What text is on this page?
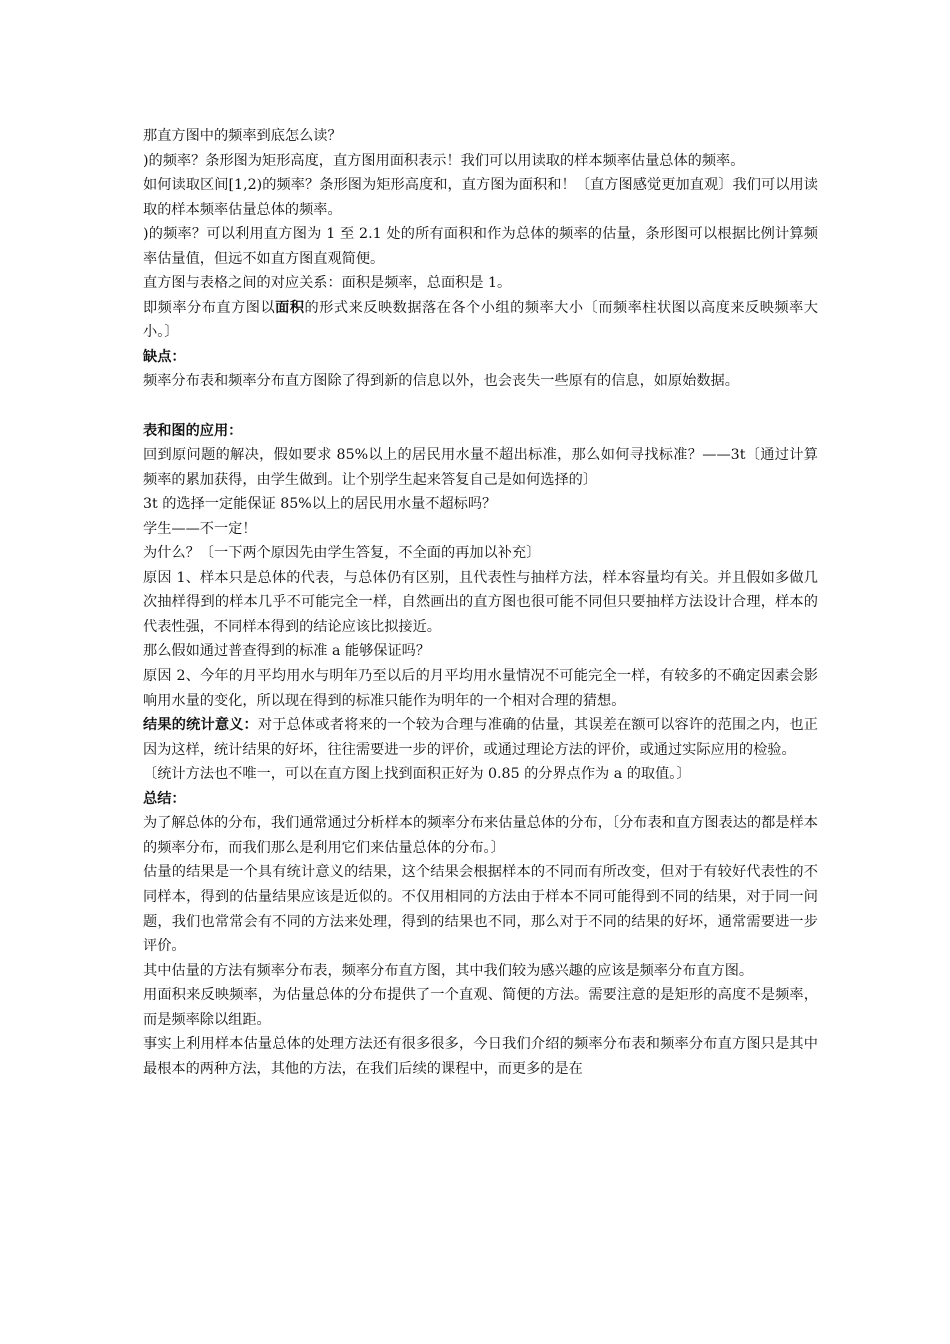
那直方图中的频率到底怎么读？

)的频率？条形图为矩形高度，直方图用面积表示！我们可以用读取的样本频率估量总体的频率。

如何读取区间[1,2)的频率？条形图为矩形高度和，直方图为面积和！〔直方图感觉更加直观〕我们可以用读取的样本频率估量总体的频率。

)的频率？可以利用直方图为 1 至 2.1 处的所有面积和作为总体的频率的估量，条形图可以根据比例计算频率估量值，但远不如直方图直观简便。

直方图与表格之间的对应关系：面积是频率，总面积是 1。

即频率分布直方图以面积的形式来反映数据落在各个小组的频率大小〔而频率柱状图以高度来反映频率大小。〕

缺点：

频率分布表和频率分布直方图除了得到新的信息以外，也会丧失一些原有的信息，如原始数据。

表和图的应用：

回到原问题的解决，假如要求 85%以上的居民用水量不超出标准，那么如何寻找标准？——3t〔通过计算频率的累加获得，由学生做到。让个别学生起来答复自己是如何选择的〕

3t 的选择一定能保证 85%以上的居民用水量不超标吗？

学生——不一定！

为什么？〔一下两个原因先由学生答复，不全面的再加以补充〕

原因 1、样本只是总体的代表，与总体仍有区别，且代表性与抽样方法，样本容量均有关。并且假如多做几次抽样得到的样本几乎不可能完全一样，自然画出的直方图也很可能不同但只要抽样方法设计合理，样本的代表性强，不同样本得到的结论应该比拟接近。

那么假如通过普查得到的标准 a 能够保证吗？

原因 2、今年的月平均用水与明年乃至以后的月平均用水量情况不可能完全一样，有较多的不确定因素会影响用水量的变化，所以现在得到的标准只能作为明年的一个相对合理的猜想。

结果的统计意义：对于总体或者将来的一个较为合理与准确的估量，其误差在额可以容许的范围之内，也正因为这样，统计结果的好坏，往往需要进一步的评价，或通过理论方法的评价，或通过实际应用的检验。

〔统计方法也不唯一，可以在直方图上找到面积正好为 0.85 的分界点作为 a 的取值。〕

总结：

为了解总体的分布，我们通常通过分析样本的频率分布来估量总体的分布，〔分布表和直方图表达的都是样本的频率分布，而我们那么是利用它们来估量总体的分布。〕

估量的结果是一个具有统计意义的结果，这个结果会根据样本的不同而有所改变，但对于有较好代表性的不同样本，得到的估量结果应该是近似的。不仅用相同的方法由于样本不同可能得到不同的结果，对于同一问题，我们也常常会有不同的方法来处理，得到的结果也不同，那么对于不同的结果的好坏，通常需要进一步评价。

其中估量的方法有频率分布表，频率分布直方图，其中我们较为感兴趣的应该是频率分布直方图。

用面积来反映频率，为估量总体的分布提供了一个直观、简便的方法。需要注意的是矩形的高度不是频率，而是频率除以组距。

事实上利用样本估量总体的处理方法还有很多很多，今日我们介绍的频率分布表和频率分布直方图只是其中最根本的两种方法，其他的方法，在我们后续的课程中，而更多的是在
